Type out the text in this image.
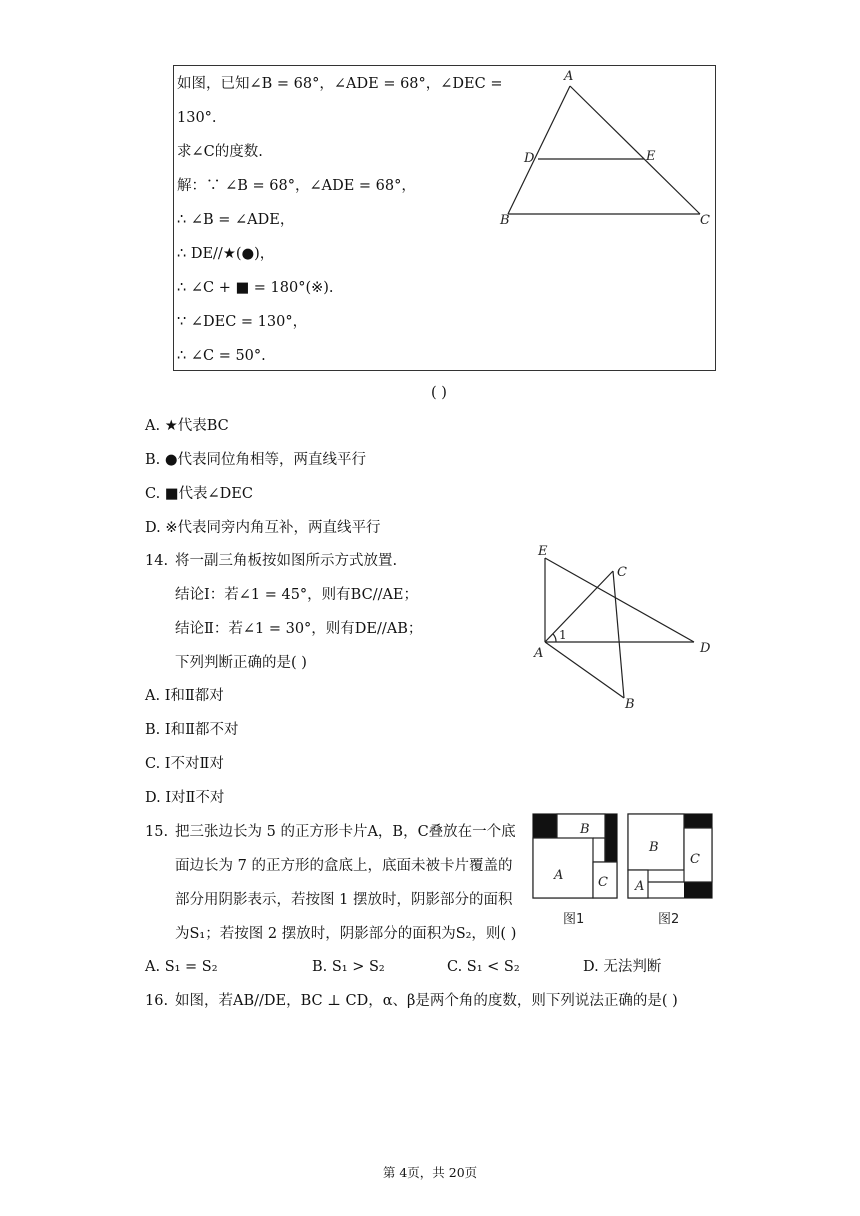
如图，已知∠B = 68°，∠ADE = 68°，∠DEC =
130°.
求∠C的度数.
解：∵ ∠B = 68°，∠ADE = 68°，
∴ ∠B = ∠ADE，
∴ DE//★(●)，
∴ ∠C + ■ = 180°(※).
∵ ∠DEC = 130°，
∴ ∠C = 50°.
A
D	E
B	C
( )
A. ★代表BC
B. ●代表同位角相等，两直线平行
C. ■代表∠DEC
D. ※代表同旁内角互补，两直线平行
14. 将一副三角板按如图所示方式放置.
结论Ⅰ：若∠1 = 45°，则有BC//AE；
结论Ⅱ：若∠1 = 30°，则有DE//AB；
下列判断正确的是( )
E
C
1
D
A
B
A. Ⅰ和Ⅱ都对
B. Ⅰ和Ⅱ都不对
C. Ⅰ不对Ⅱ对
D. Ⅰ对Ⅱ不对
15. 把三张边长为 5 的正方形卡片A，B，C叠放在一个底
面边长为 7 的正方形的盒底上，底面未被卡片覆盖的
部分用阴影表示，若按图 1 摆放时，阴影部分的面积
为S₁；若按图 2 摆放时，阴影部分的面积为S₂，则( )
B
A	C
图1
B
C
A
图2
A. S₁ = S₂	B. S₁ > S₂	C. S₁ < S₂	D. 无法判断
16. 如图，若AB//DE，BC ⊥ CD，α、β是两个角的度数，则下列说法正确的是( )
第 4页，共 20页
